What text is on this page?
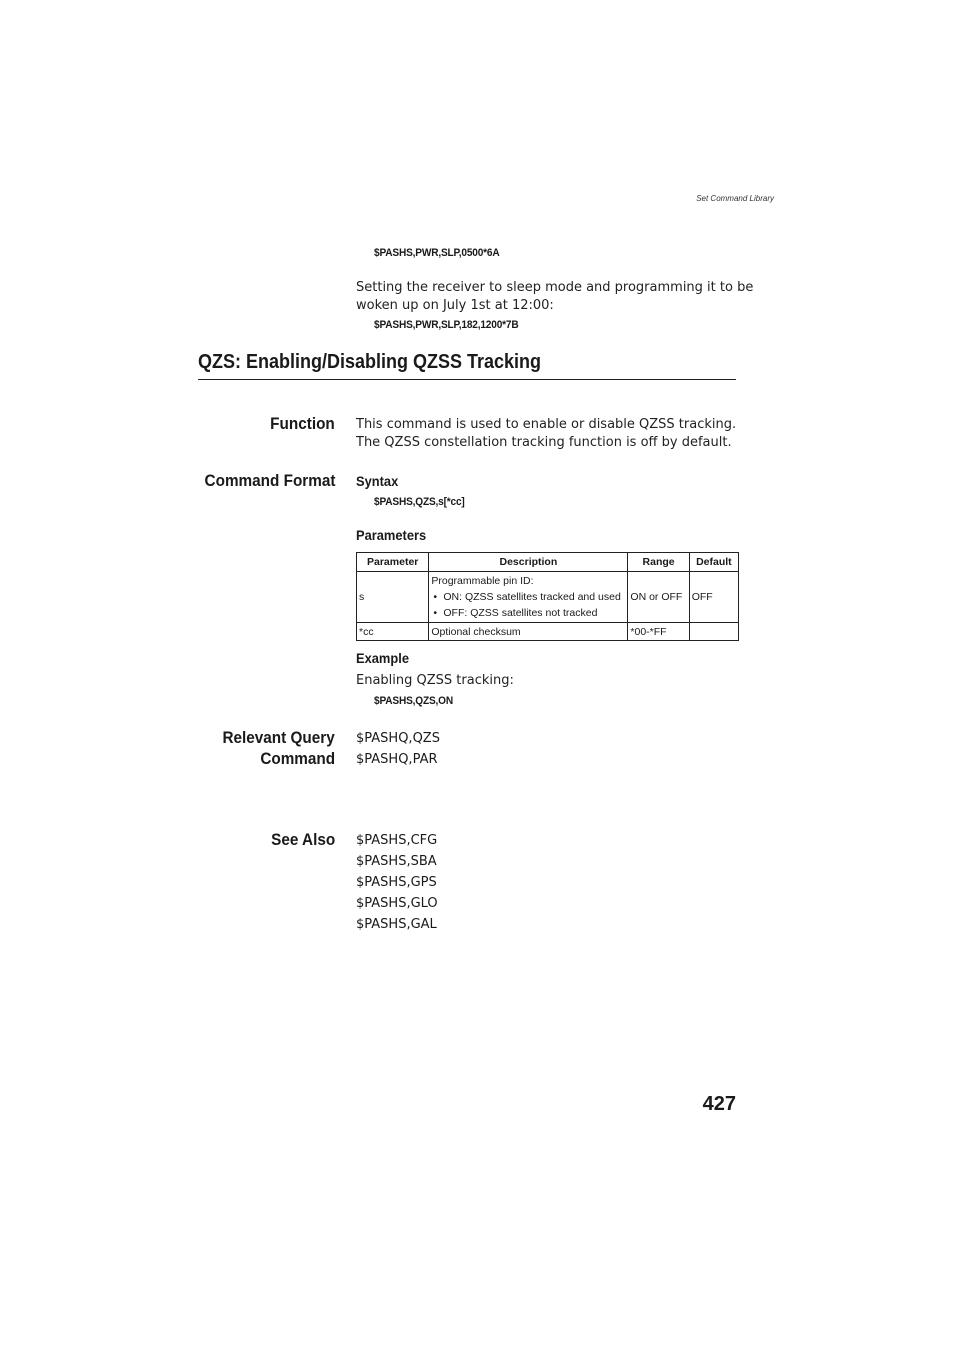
Set Command Library
$PASHS,PWR,SLP,0500*6A
Setting the receiver to sleep mode and programming it to be
woken up on July 1st at 12:00:
$PASHS,PWR,SLP,182,1200*7B
QZS: Enabling/Disabling QZSS Tracking
Function This command is used to enable or disable QZSS tracking.
The QZSS constellation tracking function is off by default.
Command Format Syntax
$PASHS,QZS,s[*cc]
Parameters
Parameter	Description	Range	Default
s	Programmable pin ID:
• ON: QZSS satellites tracked and used
• OFF: QZSS satellites not tracked	ON or OFF	OFF
*cc	Optional checksum	*00-*FF	
Example
Enabling QZSS tracking:
$PASHS,QZS,ON
Relevant Query
Command
$PASHQ,QZS
$PASHQ,PAR
See Also $PASHS,CFG
$PASHS,SBA
$PASHS,GPS
$PASHS,GLO
$PASHS,GAL
427
